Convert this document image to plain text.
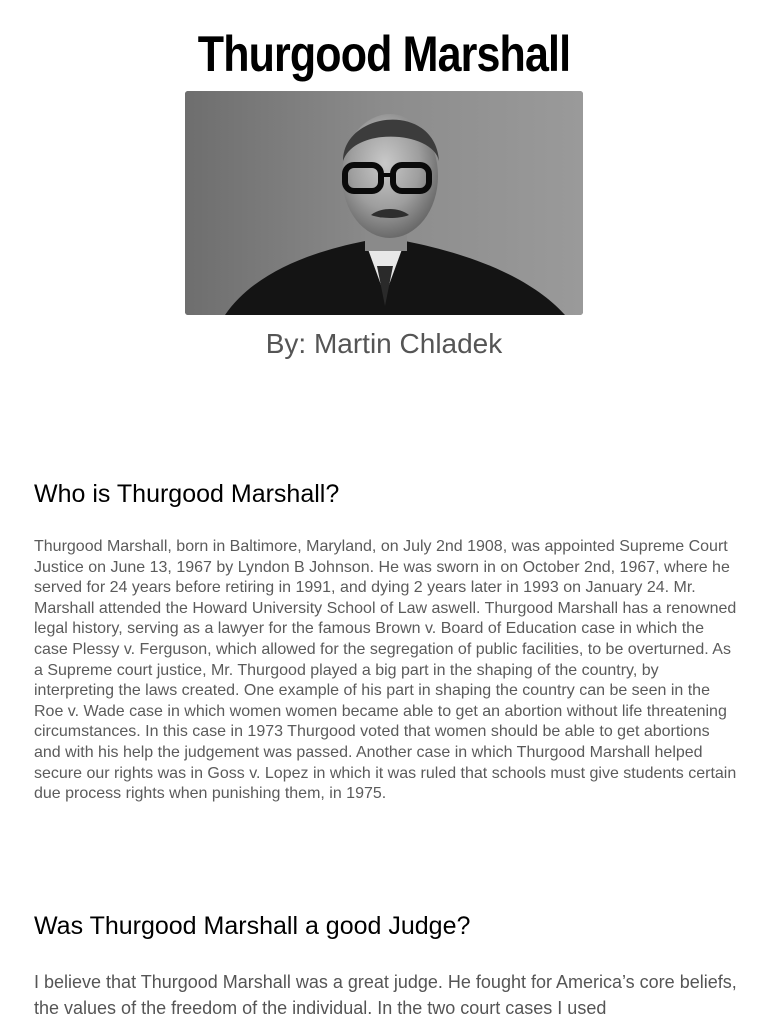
Thurgood Marshall
By: Martin Chladek
Who is Thurgood Marshall?

Thurgood Marshall, born in Baltimore, Maryland, on July 2nd 1908, was appointed Supreme Court Justice on June 13, 1967 by Lyndon B Johnson. He was sworn in on October 2nd, 1967, where he served for 24 years before retiring in 1991, and dying 2 years later in 1993 on January 24. Mr. Marshall attended the Howard University School of Law aswell. Thurgood Marshall has a renowned legal history, serving as a lawyer for the famous Brown v. Board of Education case in which the case Plessy v. Ferguson, which allowed for the segregation of public facilities, to be overturned. As a Supreme court justice, Mr. Thurgood played a big part in the shaping of the country, by interpreting the laws created. One example of his part in shaping the country can be seen in the Roe v. Wade case in which women women became able to get an abortion without life threatening circumstances. In this case in 1973 Thurgood voted that women should be able to get abortions and with his help the judgement was passed. Another case in which Thurgood Marshall helped secure our rights was in Goss v. Lopez in which it was ruled that schools must give students certain due process rights when punishing them, in 1975.

Was Thurgood Marshall a good Judge?

I believe that Thurgood Marshall was a great judge. He fought for America’s core beliefs, the values of the freedom of the individual. In the two court cases I used
